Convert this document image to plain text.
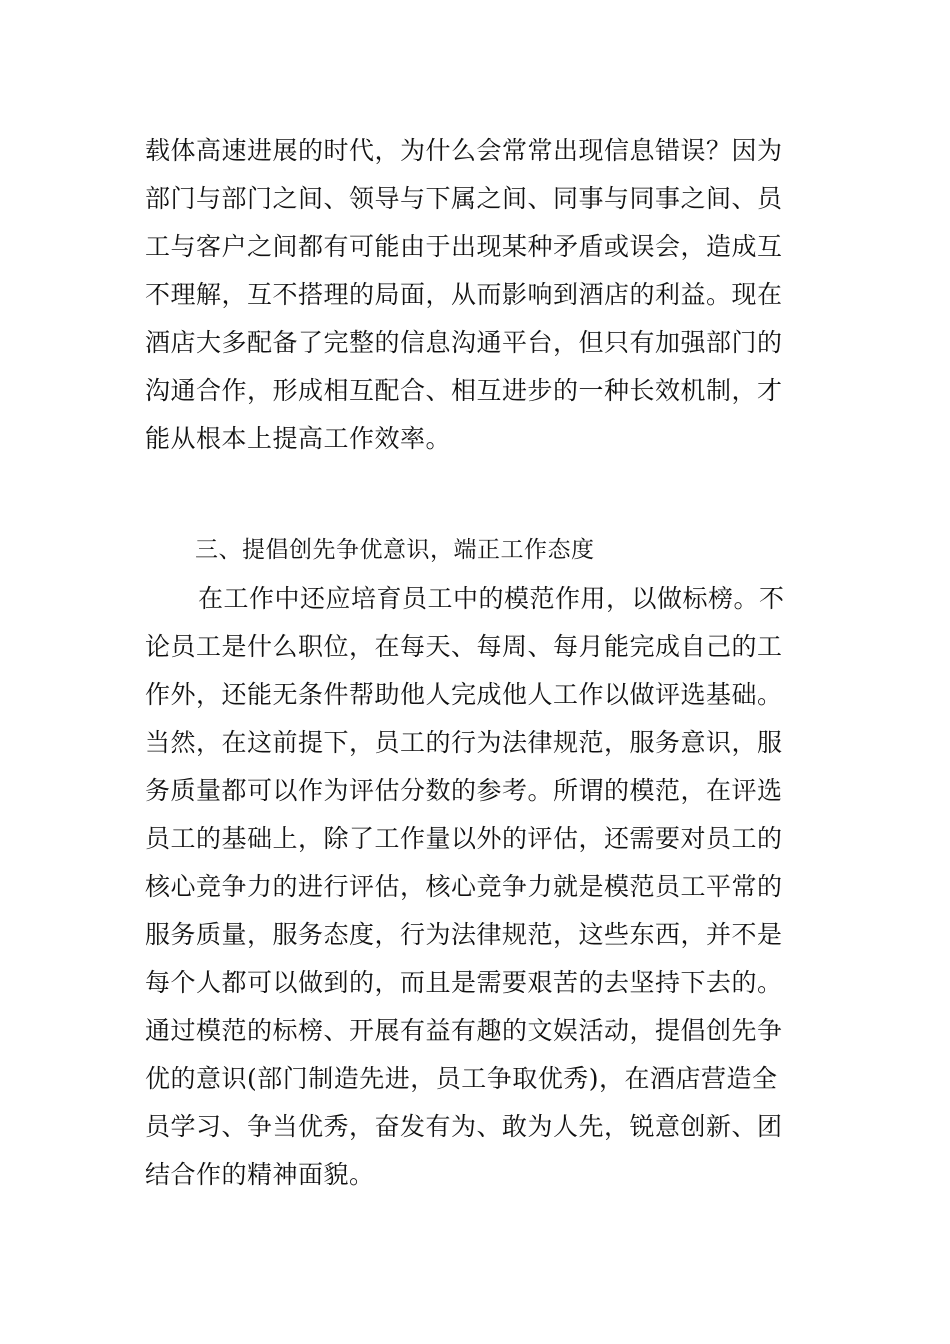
载体高速进展的时代，为什么会常常出现信息错误？因为
部门与部门之间、领导与下属之间、同事与同事之间、员
工与客户之间都有可能由于出现某种矛盾或误会，造成互
不理解，互不搭理的局面，从而影响到酒店的利益。现在
酒店大多配备了完整的信息沟通平台，但只有加强部门的
沟通合作，形成相互配合、相互进步的一种长效机制，才
能从根本上提高工作效率。
三、提倡创先争优意识，端正工作态度
在工作中还应培育员工中的模范作用，以做标榜。不
论员工是什么职位，在每天、每周、每月能完成自己的工
作外，还能无条件帮助他人完成他人工作以做评选基础。
当然，在这前提下，员工的行为法律规范，服务意识，服
务质量都可以作为评估分数的参考。所谓的模范，在评选
员工的基础上，除了工作量以外的评估，还需要对员工的
核心竞争力的进行评估，核心竞争力就是模范员工平常的
服务质量，服务态度，行为法律规范，这些东西，并不是
每个人都可以做到的，而且是需要艰苦的去坚持下去的。
通过模范的标榜、开展有益有趣的文娱活动，提倡创先争
优的意识(部门制造先进，员工争取优秀)，在酒店营造全
员学习、争当优秀，奋发有为、敢为人先，锐意创新、团
结合作的精神面貌。
